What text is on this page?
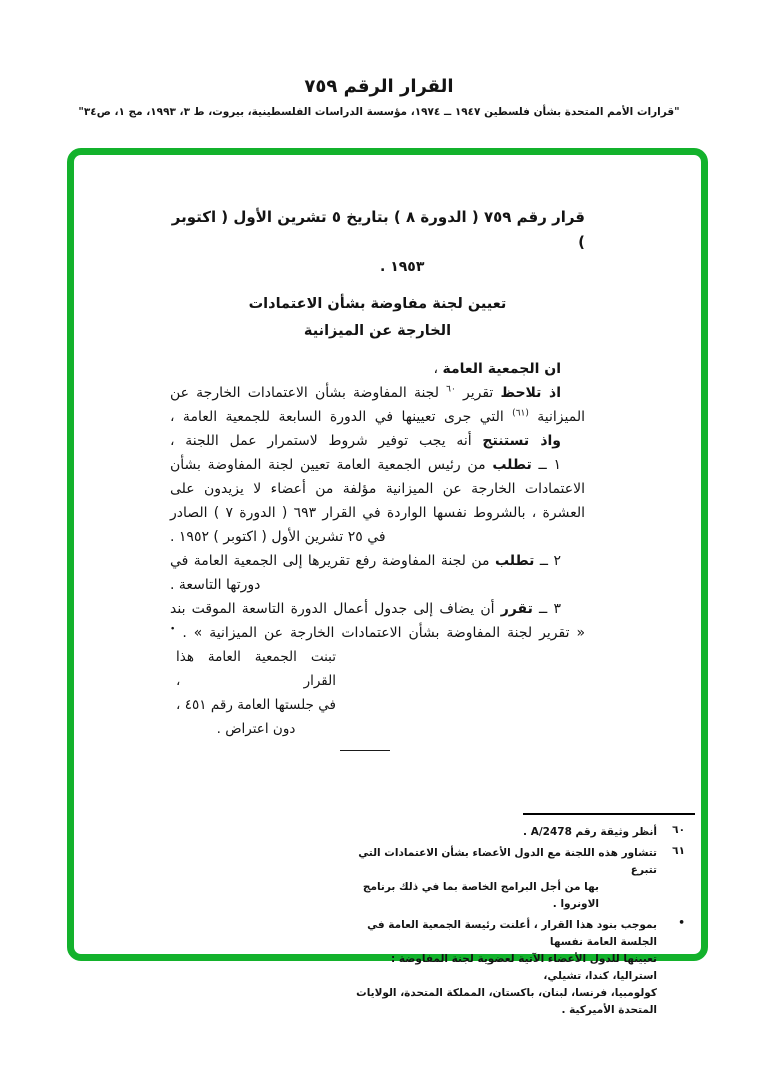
القرار الرقم ٧٥٩
"قرارات الأمم المتحدة بشأن فلسطين ١٩٤٧ ــ ١٩٧٤، مؤسسة الدراسات الفلسطينية، بيروت، ط ٣، ١٩٩٣، مج ١، ص٣٤"
قرار رقم ٧٥٩ ( الدورة ٨ ) بتاريخ ٥ تشرين الأول ( اكتوبر )
١٩٥٣ .
تعيين لجنة مفاوضة بشأن الاعتمادات
الخارجة عن الميزانية
ان الجمعية العامة ،
اذ تلاحظ تقرير $^{٦٠}$ لجنة المفاوضة بشأن الاعتمادات الخارجة عن
الميزانية $^{(٦١)}$ التي جرى تعيينها في الدورة السابعة للجمعية العامة ،
واذ تستنتج أنه يجب توفير شروط لاستمرار عمل اللجنة ،
١ ــ تطلب من رئيس الجمعية العامة تعيين لجنة المفاوضة بشأن
الاعتمادات الخارجة عن الميزانية مؤلفة من أعضاء لا يزيدون على
العشرة ، بالشروط نفسها الواردة في القرار ٦٩٣ ( الدورة ٧ ) الصادر
في ٢٥ تشرين الأول ( اكتوبر ) ١٩٥٢ .
٢ ــ تطلب من لجنة المفاوضة رفع تقريرها إلى الجمعية العامة في
دورتها التاسعة .
٣ ــ تقرر أن يضاف إلى جدول أعمال الدورة التاسعة الموقت بند
« تقرير لجنة المفاوضة بشأن الاعتمادات الخارجة عن الميزانية » . •
تبنت الجمعية العامة هذا القرار ،
في جلستها العامة رقم ٤٥١ ،
دون اعتراض .
٦٠
أنظر وثيقة رقم A/2478 .
٦١
تتشاور هذه اللجنة مع الدول الأعضاء بشأن الاعتمادات التي تتبرع
بها من أجل البرامج الخاصة بما في ذلك برنامج الاونروا .
•
بموجب بنود هذا القرار ، أعلنت رئيسة الجمعية العامة في الجلسة العامة نفسها
تعيينها للدول الأعضاء الآتية لعضوية لجنة المفاوضة : استراليا، كندا، تشيلي،
كولومبيا، فرنسا، لبنان، باكستان، المملكة المتحدة، الولايات المتحدة الأميركية .
